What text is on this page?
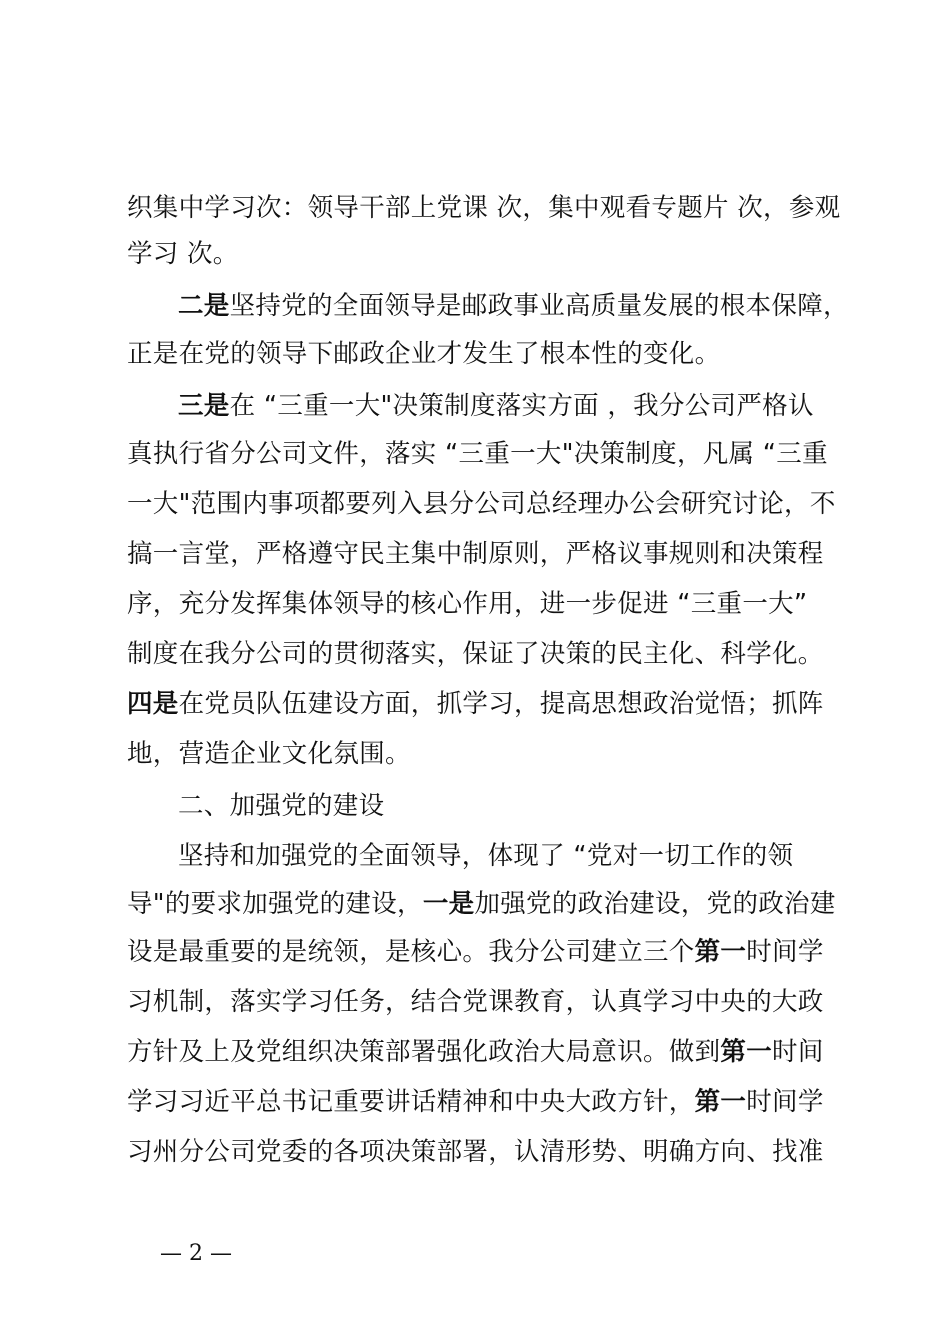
织集中学习次：领导干部上党课 次，集中观看专题片 次，参观
学习 次。
二是坚持党的全面领导是邮政事业高质量发展的根本保障，
正是在党的领导下邮政企业才发生了根本性的变化。
三是在 “三重一大"决策制度落实方面 ，我分公司严格认
真执行省分公司文件，落实 “三重一大"决策制度，凡属 “三重
一大"范围内事项都要列入县分公司总经理办公会研究讨论，不
搞一言堂，严格遵守民主集中制原则，严格议事规则和决策程
序，充分发挥集体领导的核心作用，进一步促进 “三重一大”
制度在我分公司的贯彻落实，保证了决策的民主化、科学化。
四是在党员队伍建设方面，抓学习，提高思想政治觉悟；抓阵
地，营造企业文化氛围。
二、加强党的建设
坚持和加强党的全面领导，体现了 “党对一切工作的领
导"的要求加强党的建设，一是加强党的政治建设，党的政治建
设是最重要的是统领，是核心。我分公司建立三个第一时间学
习机制，落实学习任务，结合党课教育，认真学习中央的大政
方针及上及党组织决策部署强化政治大局意识。做到第一时间
学习习近平总书记重要讲话精神和中央大政方针，第一时间学
习州分公司党委的各项决策部署，认清形势、明确方向、找准
— 2 —
